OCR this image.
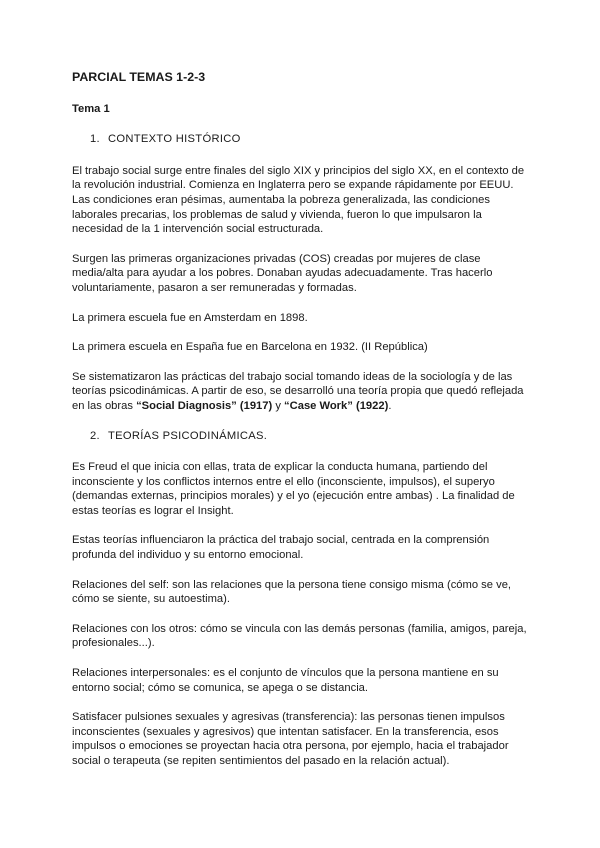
PARCIAL TEMAS 1-2-3
Tema 1
1. CONTEXTO HISTÓRICO

El trabajo social surge entre finales del siglo XIX y principios del siglo XX, en el contexto de la revolución industrial. Comienza en Inglaterra pero se expande rápidamente por EEUU. Las condiciones eran pésimas, aumentaba la pobreza generalizada, las condiciones laborales precarias, los problemas de salud y vivienda, fueron lo que impulsaron la necesidad de la 1 intervención social estructurada.

Surgen las primeras organizaciones privadas (COS) creadas por mujeres de clase media/alta para ayudar a los pobres. Donaban ayudas adecuadamente. Tras hacerlo voluntariamente, pasaron a ser remuneradas y formadas.

La primera escuela fue en Amsterdam en 1898.

La primera escuela en España fue en Barcelona en 1932. (II República)

Se sistematizaron las prácticas del trabajo social tomando ideas de la sociología y de las teorías psicodinámicas. A partir de eso, se desarrolló una teoría propia que quedó reflejada en las obras “Social Diagnosis” (1917) y “Case Work” (1922).

2. TEORÍAS PSICODINÁMICAS.

Es Freud el que inicia con ellas, trata de explicar la conducta humana, partiendo del inconsciente y los conflictos internos entre el ello (inconsciente, impulsos), el superyo (demandas externas, principios morales) y el yo (ejecución entre ambas) . La finalidad de estas teorías es lograr el Insight.

Estas teorías influenciaron la práctica del trabajo social, centrada en la comprensión profunda del individuo y su entorno emocional.

Relaciones del self: son las relaciones que la persona tiene consigo misma (cómo se ve, cómo se siente, su autoestima).

Relaciones con los otros: cómo se vincula con las demás personas (familia, amigos, pareja, profesionales...).

Relaciones interpersonales: es el conjunto de vínculos que la persona mantiene en su entorno social; cómo se comunica, se apega o se distancia.

Satisfacer pulsiones sexuales y agresivas (transferencia): las personas tienen impulsos inconscientes (sexuales y agresivos) que intentan satisfacer. En la transferencia, esos impulsos o emociones se proyectan hacia otra persona, por ejemplo, hacia el trabajador social o terapeuta (se repiten sentimientos del pasado en la relación actual).
